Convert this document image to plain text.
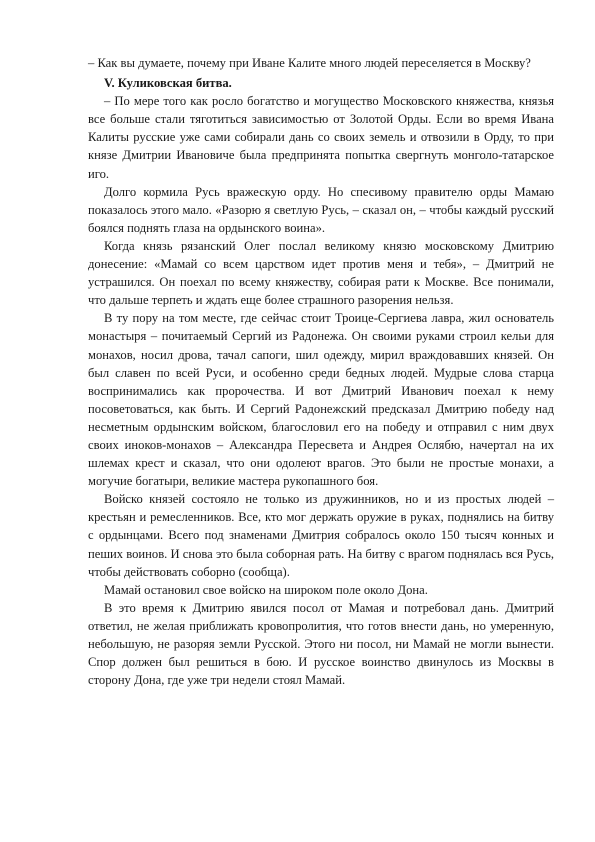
– Как вы думаете, почему при Иване Калите много людей переселяется в Москву?

V. Куликовская битва.

– По мере того как росло богатство и могущество Московского княжества, князья все больше стали тяготиться зависимостью от Золотой Орды. Если во время Ивана Калиты русские уже сами собирали дань со своих земель и отвозили в Орду, то при князе Дмитрии Ивановиче была предпринята попытка свергнуть монголо-татарское иго.

Долго кормила Русь вражескую орду. Но спесивому правителю орды Мамаю показалось этого мало. «Разорю я светлую Русь, – сказал он, – чтобы каждый русский боялся поднять глаза на ордынского воина».

Когда князь рязанский Олег послал великому князю московскому Дмитрию донесение: «Мамай со всем царством идет против меня и тебя», – Дмитрий не устрашился. Он поехал по всему княжеству, собирая рати к Москве. Все понимали, что дальше терпеть и ждать еще более страшного разорения нельзя.

В ту пору на том месте, где сейчас стоит Троице-Сергиева лавра, жил основатель монастыря – почитаемый Сергий из Радонежа. Он своими руками строил кельи для монахов, носил дрова, тачал сапоги, шил одежду, мирил враждовавших князей. Он был славен по всей Руси, и особенно среди бедных людей. Мудрые слова старца воспринимались как пророчества. И вот Дмитрий Иванович поехал к нему посоветоваться, как быть. И Сергий Радонежский предсказал Дмитрию победу над несметным ордынским войском, благословил его на победу и отправил с ним двух своих иноков-монахов – Александра Пересвета и Андрея Ослябю, начертал на их шлемах крест и сказал, что они одолеют врагов. Это были не простые монахи, а могучие богатыри, великие мастера рукопашного боя.

Войско князей состояло не только из дружинников, но и из простых людей – крестьян и ремесленников. Все, кто мог держать оружие в руках, поднялись на битву с ордынцами. Всего под знаменами Дмитрия собралось около 150 тысяч конных и пеших воинов. И снова это была соборная рать. На битву с врагом поднялась вся Русь, чтобы действовать соборно (сообща).

Мамай остановил свое войско на широком поле около Дона.

В это время к Дмитрию явился посол от Мамая и потребовал дань. Дмитрий ответил, не желая приближать кровопролития, что готов внести дань, но умеренную, небольшую, не разоряя земли Русской. Этого ни посол, ни Мамай не могли вынести. Спор должен был решиться в бою. И русское воинство двинулось из Москвы в сторону Дона, где уже три недели стоял Мамай.
